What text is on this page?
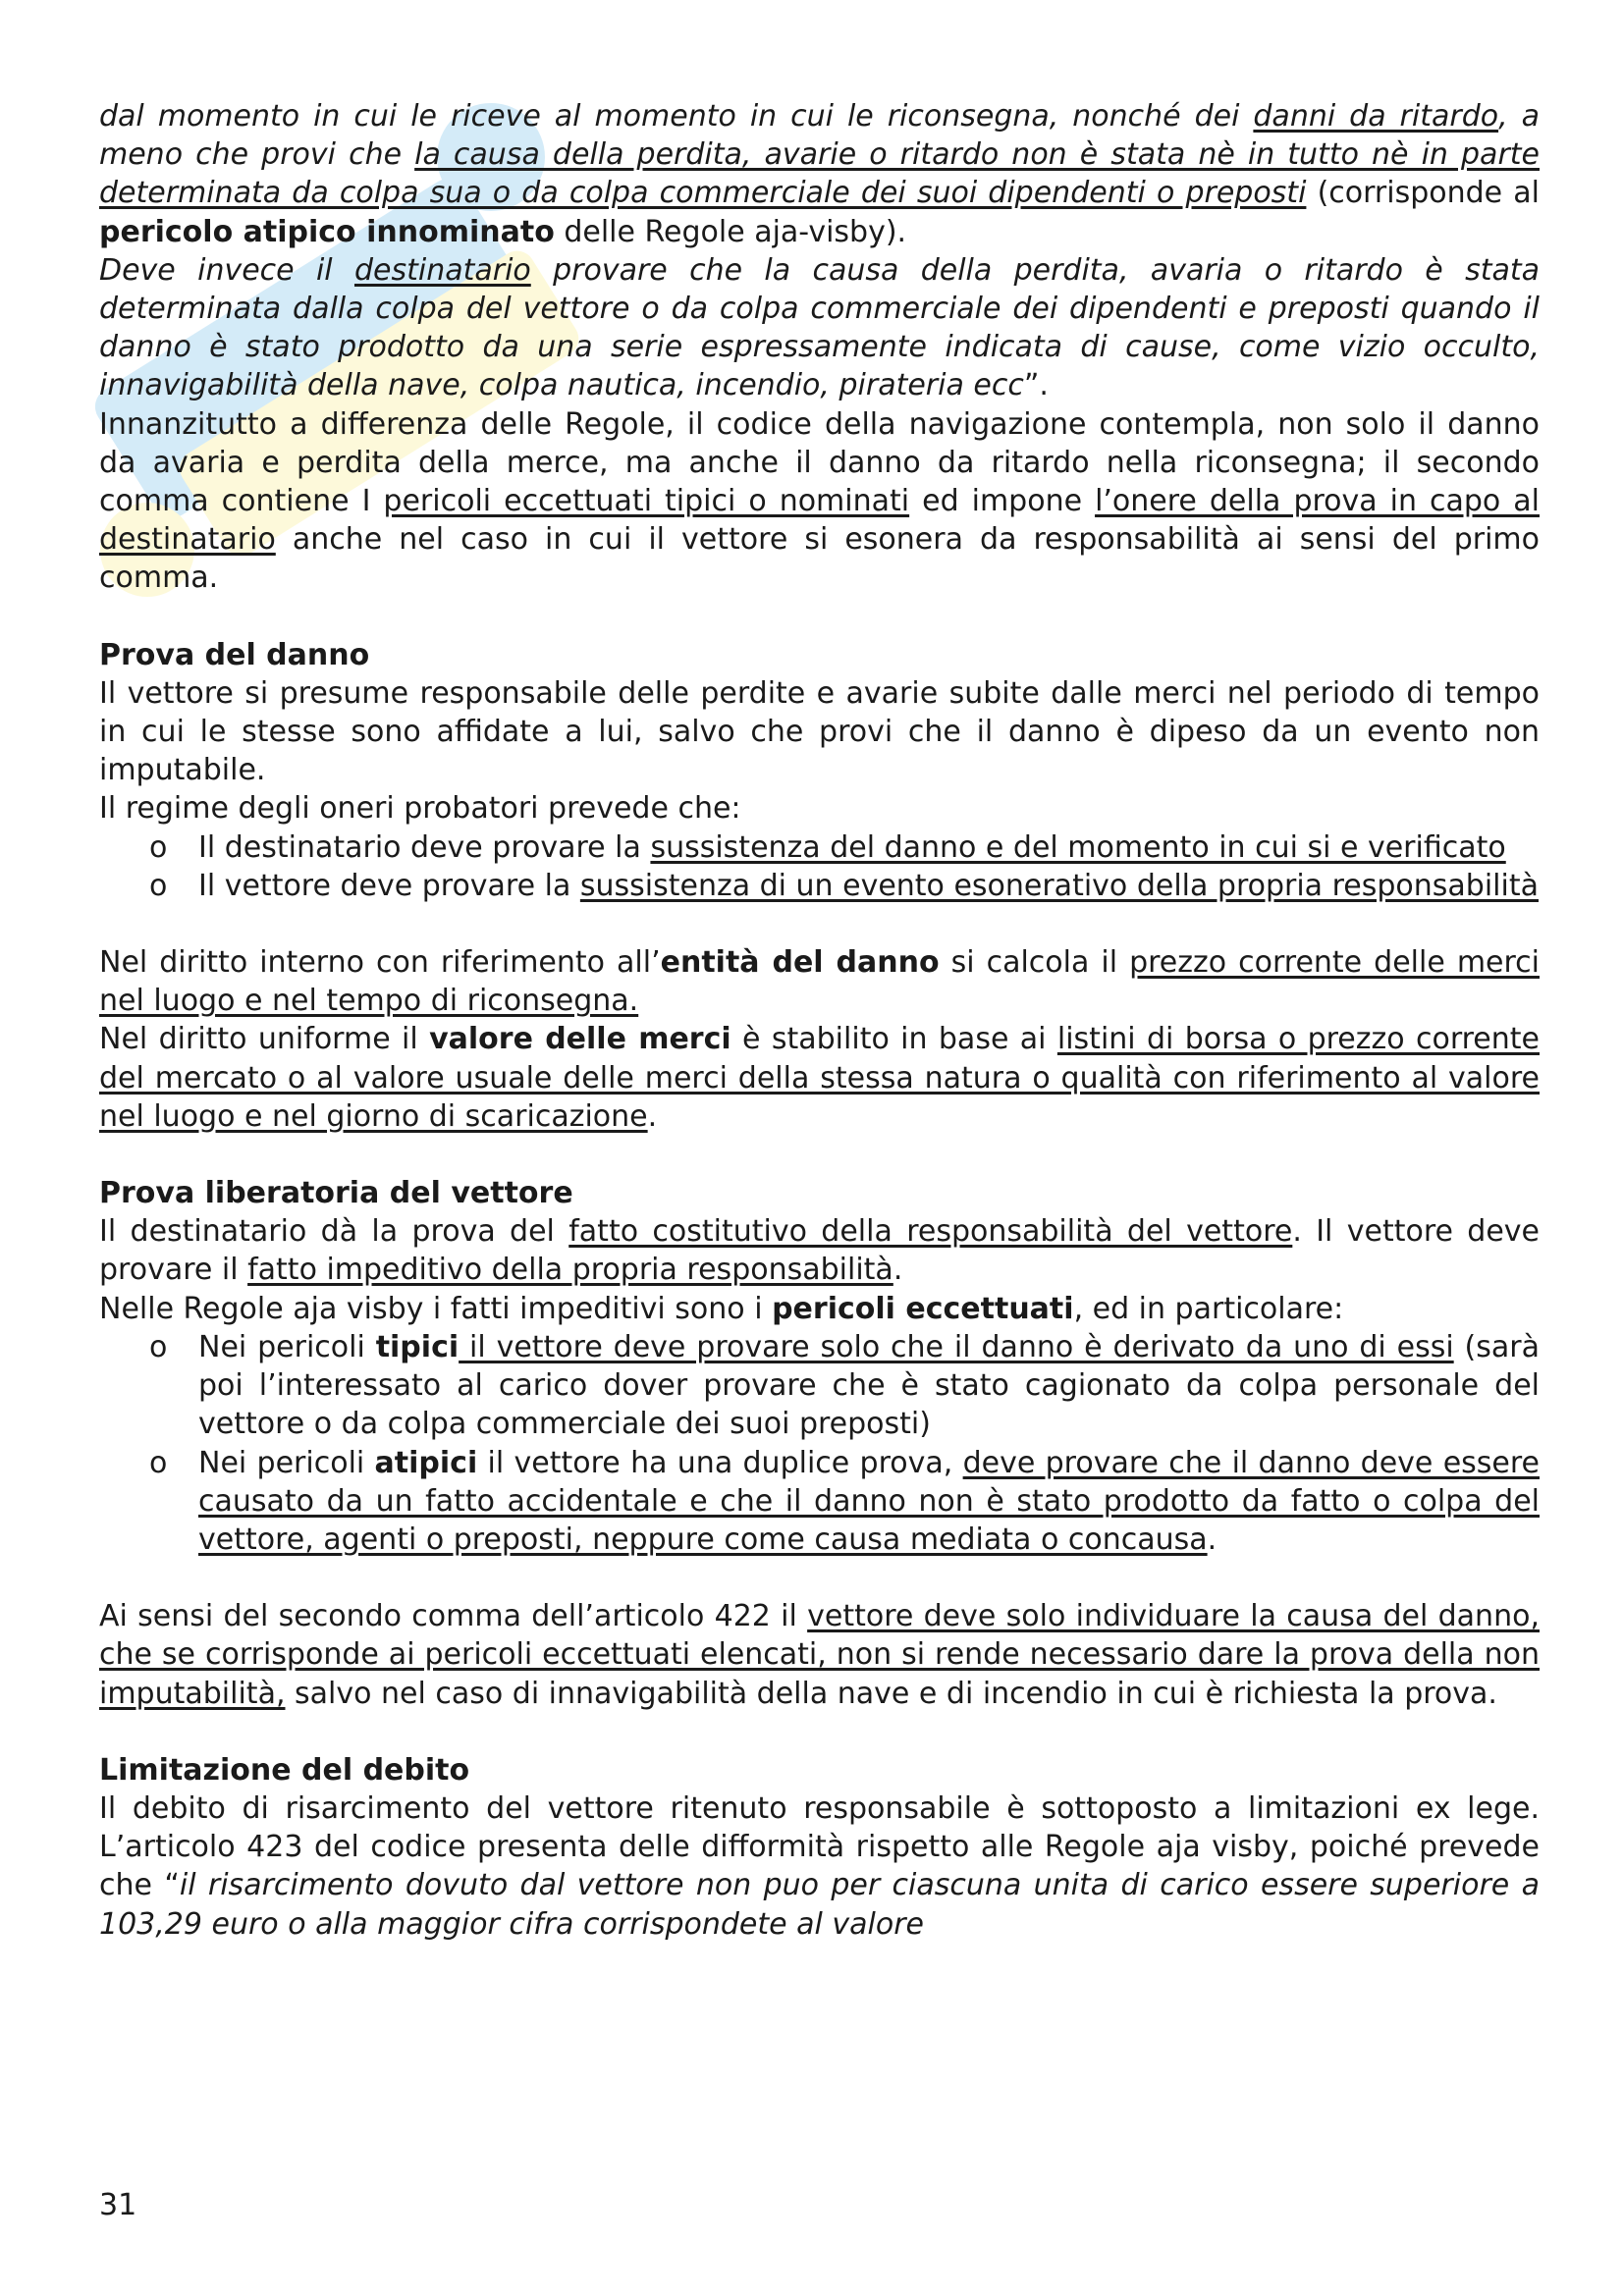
dal momento in cui le riceve al momento in cui le riconsegna, nonché dei danni da ritardo, a meno che provi che la causa della perdita, avarie o ritardo non è stata nè in tutto nè in parte determinata da colpa sua o da colpa commerciale dei suoi dipendenti o preposti (corrisponde al pericolo atipico innominato delle Regole aja-visby).

Deve invece il destinatario provare che la causa della perdita, avaria o ritardo è stata determinata dalla colpa del vettore o da colpa commerciale dei dipendenti e preposti quando il danno è stato prodotto da una serie espressamente indicata di cause, come vizio occulto, innavigabilità della nave, colpa nautica, incendio, pirateria ecc”.

Innanzitutto a differenza delle Regole, il codice della navigazione contempla, non solo il danno da avaria e perdita della merce, ma anche il danno da ritardo nella riconsegna; il secondo comma contiene I pericoli eccettuati tipici o nominati ed impone l’onere della prova in capo al destinatario anche nel caso in cui il vettore si esonera da responsabilità ai sensi del primo comma.

Prova del danno

Il vettore si presume responsabile delle perdite e avarie subite dalle merci nel periodo di tempo in cui le stesse sono affidate a lui, salvo che provi che il danno è dipeso da un evento non imputabile.

Il regime degli oneri probatori prevede che:

o Il destinatario deve provare la sussistenza del danno e del momento in cui si e verificato
o Il vettore deve provare la sussistenza di un evento esonerativo della propria responsabilità

Nel diritto interno con riferimento all’entità del danno si calcola il prezzo corrente delle merci nel luogo e nel tempo di riconsegna.

Nel diritto uniforme il valore delle merci è stabilito in base ai listini di borsa o prezzo corrente del mercato o al valore usuale delle merci della stessa natura o qualità con riferimento al valore nel luogo e nel giorno di scaricazione.

Prova liberatoria del vettore

Il destinatario dà la prova del fatto costitutivo della responsabilità del vettore. Il vettore deve provare il fatto impeditivo della propria responsabilità.

Nelle Regole aja visby i fatti impeditivi sono i pericoli eccettuati, ed in particolare:

o Nei pericoli tipici il vettore deve provare solo che il danno è derivato da uno di essi (sarà poi l’interessato al carico dover provare che è stato cagionato da colpa personale del vettore o da colpa commerciale dei suoi preposti)
o Nei pericoli atipici il vettore ha una duplice prova, deve provare che il danno deve essere causato da un fatto accidentale e che il danno non è stato prodotto da fatto o colpa del vettore, agenti o preposti, neppure come causa mediata o concausa.

Ai sensi del secondo comma dell’articolo 422 il vettore deve solo individuare la causa del danno, che se corrisponde ai pericoli eccettuati elencati, non si rende necessario dare la prova della non imputabilità, salvo nel caso di innavigabilità della nave e di incendio in cui è richiesta la prova.

Limitazione del debito

Il debito di risarcimento del vettore ritenuto responsabile è sottoposto a limitazioni ex lege. L’articolo 423 del codice presenta delle difformità rispetto alle Regole aja visby, poiché prevede che “il risarcimento dovuto dal vettore non puo per ciascuna unita di carico essere superiore a 103,29 euro o alla maggior cifra corrispondete al valore

31
